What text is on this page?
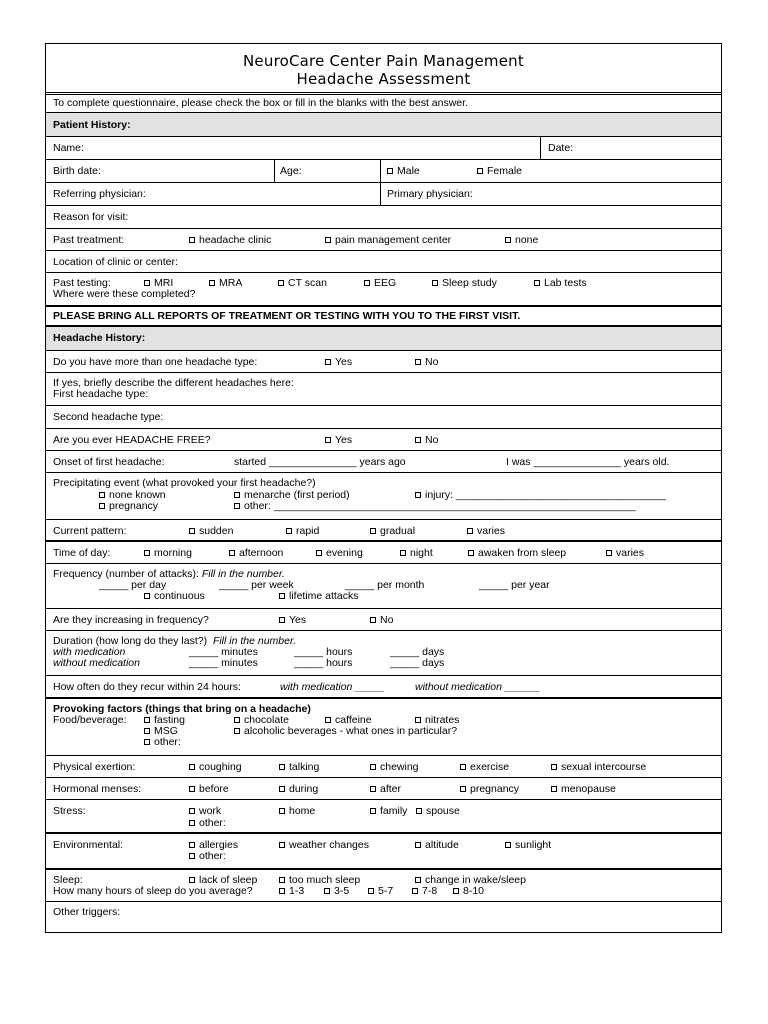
NeuroCare Center Pain Management
Headache Assessment
To complete questionnaire, please check the box or fill in the blanks with the best answer.
Patient History:
Name:	Date:
Birth date:	Age:	Male	Female
Referring physician:	Primary physician:
Reason for visit:
Past treatment:	headache clinic	pain management center	none
Location of clinic or center:
Past testing:	MRI	MRA	CT scan	EEG	Sleep study	Lab tests
Where were these completed?
PLEASE BRING ALL REPORTS OF TREATMENT OR TESTING WITH YOU TO THE FIRST VISIT.
Headache History:
Do you have more than one headache type:	Yes	No
If yes, briefly describe the different headaches here:
First headache type:
Second headache type:
Are you ever HEADACHE FREE?	Yes	No
Onset of first headache:	started _______________ years ago	I was _______________ years old.
Precipitating event (what provoked your first headache?)
none known	menarche (first period)	injury: ____________________________________
pregnancy	other: ______________________________________________________________
Current pattern:	sudden	rapid	gradual	varies
Time of day:	morning	afternoon	evening	night	awaken from sleep	varies
Frequency (number of attacks): Fill in the number.
_____ per day	_____ per week	_____ per month	_____ per year
continuous	lifetime attacks
Are they increasing in frequency?	Yes	No
Duration (how long do they last?) Fill in the number.
with medication	_____ minutes	_____ hours	_____ days
without medication	_____ minutes	_____ hours	_____ days
How often do they recur within 24 hours:	with medication _____	without medication ______
Provoking factors (things that bring on a headache)
Food/beverage:	fasting	chocolate	caffeine	nitrates
MSG	alcoholic beverages - what ones in particular?
other:
Physical exertion:	coughing	talking	chewing	exercise	sexual intercourse
Hormonal menses:	before	during	after	pregnancy	menopause
Stress:	work	home	family	spouse
other:
Environmental:	allergies	weather changes	altitude	sunlight
other:
Sleep:	lack of sleep	too much sleep	change in wake/sleep
How many hours of sleep do you average?	1-3	3-5	5-7	7-8	8-10
Other triggers:
